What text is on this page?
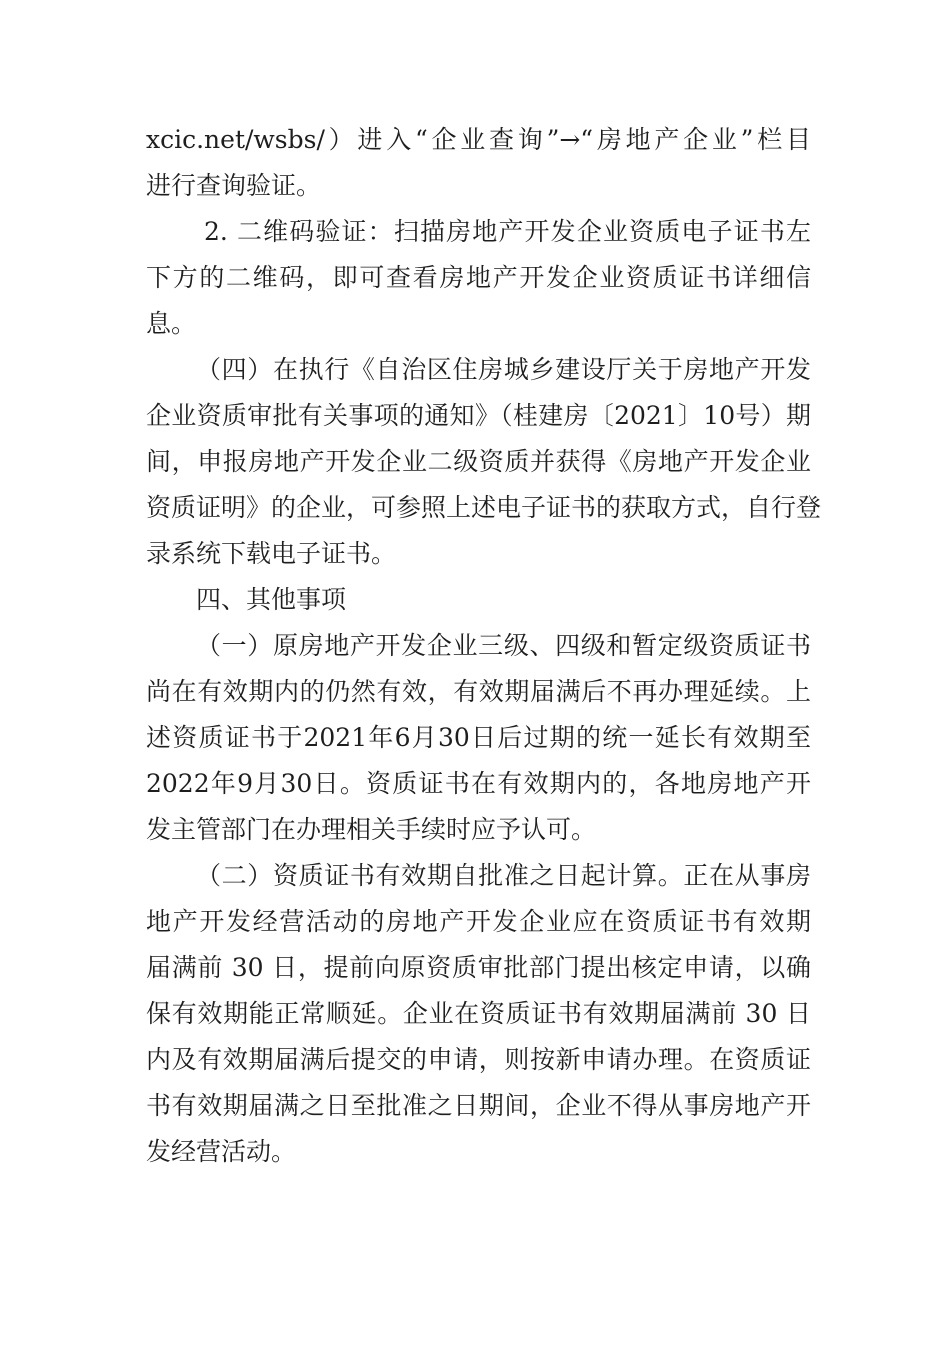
xcic.net/wsbs/）进入“企业查询”→“房地产企业”栏目
进行查询验证。
2. 二维码验证：扫描房地产开发企业资质电子证书左
下方的二维码，即可查看房地产开发企业资质证书详细信
息。
（四）在执行《自治区住房城乡建设厅关于房地产开发
企业资质审批有关事项的通知》（桂建房〔2021〕10号）期
间，申报房地产开发企业二级资质并获得《房地产开发企业
资质证明》的企业，可参照上述电子证书的获取方式，自行登
录系统下载电子证书。
四、其他事项
（一）原房地产开发企业三级、四级和暂定级资质证书
尚在有效期内的仍然有效，有效期届满后不再办理延续。上
述资质证书于2021年6月30日后过期的统一延长有效期至
2022年9月30日。资质证书在有效期内的，各地房地产开
发主管部门在办理相关手续时应予认可。
（二）资质证书有效期自批准之日起计算。正在从事房
地产开发经营活动的房地产开发企业应在资质证书有效期
届满前 30 日，提前向原资质审批部门提出核定申请，以确
保有效期能正常顺延。企业在资质证书有效期届满前 30 日
内及有效期届满后提交的申请，则按新申请办理。在资质证
书有效期届满之日至批准之日期间，企业不得从事房地产开
发经营活动。
